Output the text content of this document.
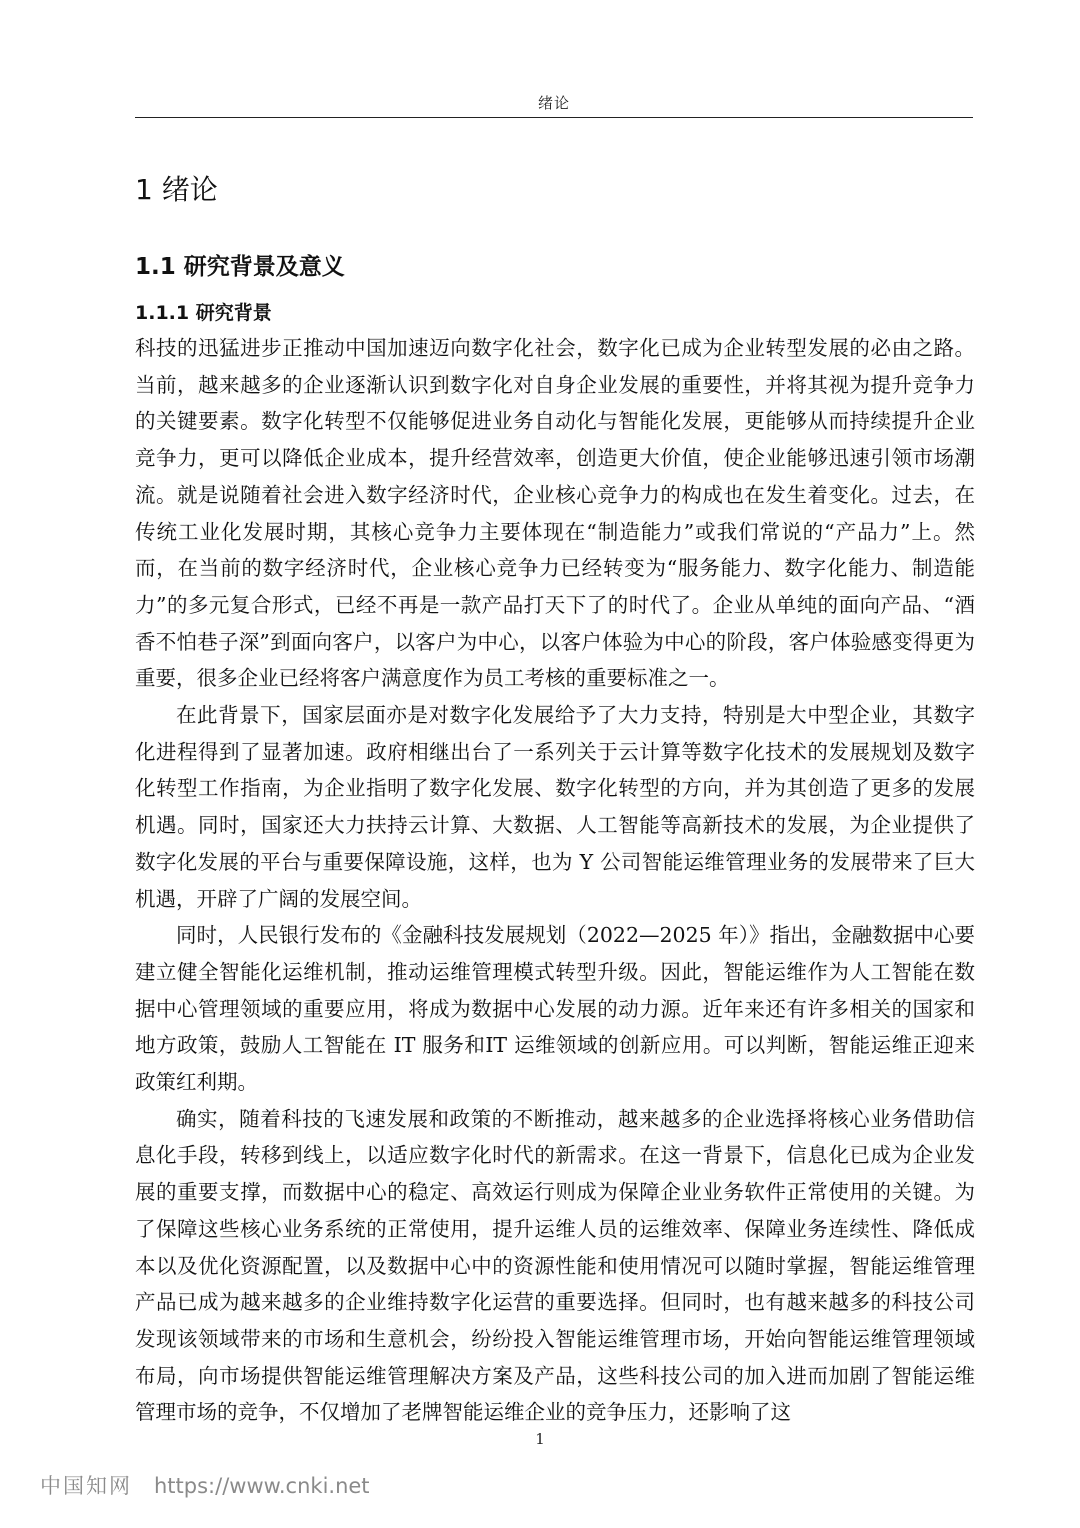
绪论
1 绪论
1.1 研究背景及意义
1.1.1 研究背景

科技的迅猛进步正推动中国加速迈向数字化社会，数字化已成为企业转型发展的必由之路。当前，越来越多的企业逐渐认识到数字化对自身企业发展的重要性，并将其视为提升竞争力的关键要素。数字化转型不仅能够促进业务自动化与智能化发展，更能够从而持续提升企业竞争力，更可以降低企业成本，提升经营效率，创造更大价值，使企业能够迅速引领市场潮流。就是说随着社会进入数字经济时代，企业核心竞争力的构成也在发生着变化。过去，在传统工业化发展时期，其核心竞争力主要体现在“制造能力”或我们常说的“产品力”上。然而，在当前的数字经济时代，企业核心竞争力已经转变为“服务能力、数字化能力、制造能力”的多元复合形式，已经不再是一款产品打天下了的时代了。企业从单纯的面向产品、“酒香不怕巷子深”到面向客户，以客户为中心，以客户体验为中心的阶段，客户体验感变得更为重要，很多企业已经将客户满意度作为员工考核的重要标准之一。

在此背景下，国家层面亦是对数字化发展给予了大力支持，特别是大中型企业，其数字化进程得到了显著加速。政府相继出台了一系列关于云计算等数字化技术的发展规划及数字化转型工作指南，为企业指明了数字化发展、数字化转型的方向，并为其创造了更多的发展机遇。同时，国家还大力扶持云计算、大数据、人工智能等高新技术的发展，为企业提供了数字化发展的平台与重要保障设施，这样，也为 Y 公司智能运维管理业务的发展带来了巨大机遇，开辟了广阔的发展空间。

同时，人民银行发布的《金融科技发展规划（2022—2025 年）》指出，金融数据中心要建立健全智能化运维机制，推动运维管理模式转型升级。因此，智能运维作为人工智能在数据中心管理领域的重要应用，将成为数据中心发展的动力源。近年来还有许多相关的国家和地方政策，鼓励人工智能在 IT 服务和IT 运维领域的创新应用。可以判断，智能运维正迎来政策红利期。

确实，随着科技的飞速发展和政策的不断推动，越来越多的企业选择将核心业务借助信息化手段，转移到线上，以适应数字化时代的新需求。在这一背景下，信息化已成为企业发展的重要支撑，而数据中心的稳定、高效运行则成为保障企业业务软件正常使用的关键。为了保障这些核心业务系统的正常使用，提升运维人员的运维效率、保障业务连续性、降低成本以及优化资源配置，以及数据中心中的资源性能和使用情况可以随时掌握，智能运维管理产品已成为越来越多的企业维持数字化运营的重要选择。但同时，也有越来越多的科技公司发现该领域带来的市场和生意机会，纷纷投入智能运维管理市场，开始向智能运维管理领域布局，向市场提供智能运维管理解决方案及产品，这些科技公司的加入进而加剧了智能运维管理市场的竞争，不仅增加了老牌智能运维企业的竞争压力，还影响了这

1
中国知网 https://www.cnki.net
